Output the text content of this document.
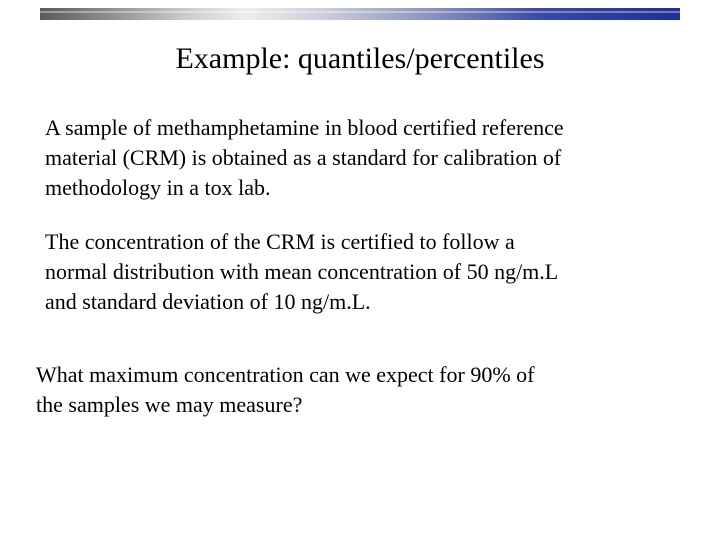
Example: quantiles/percentiles

A sample of methamphetamine in blood certified reference
material (CRM) is obtained as a standard for calibration of
methodology in a tox lab.

The concentration of the CRM is certified to follow a
normal distribution with mean concentration of 50 ng/m.L
and standard deviation of 10 ng/m.L.

What maximum concentration can we expect for 90% of
the samples we may measure?
